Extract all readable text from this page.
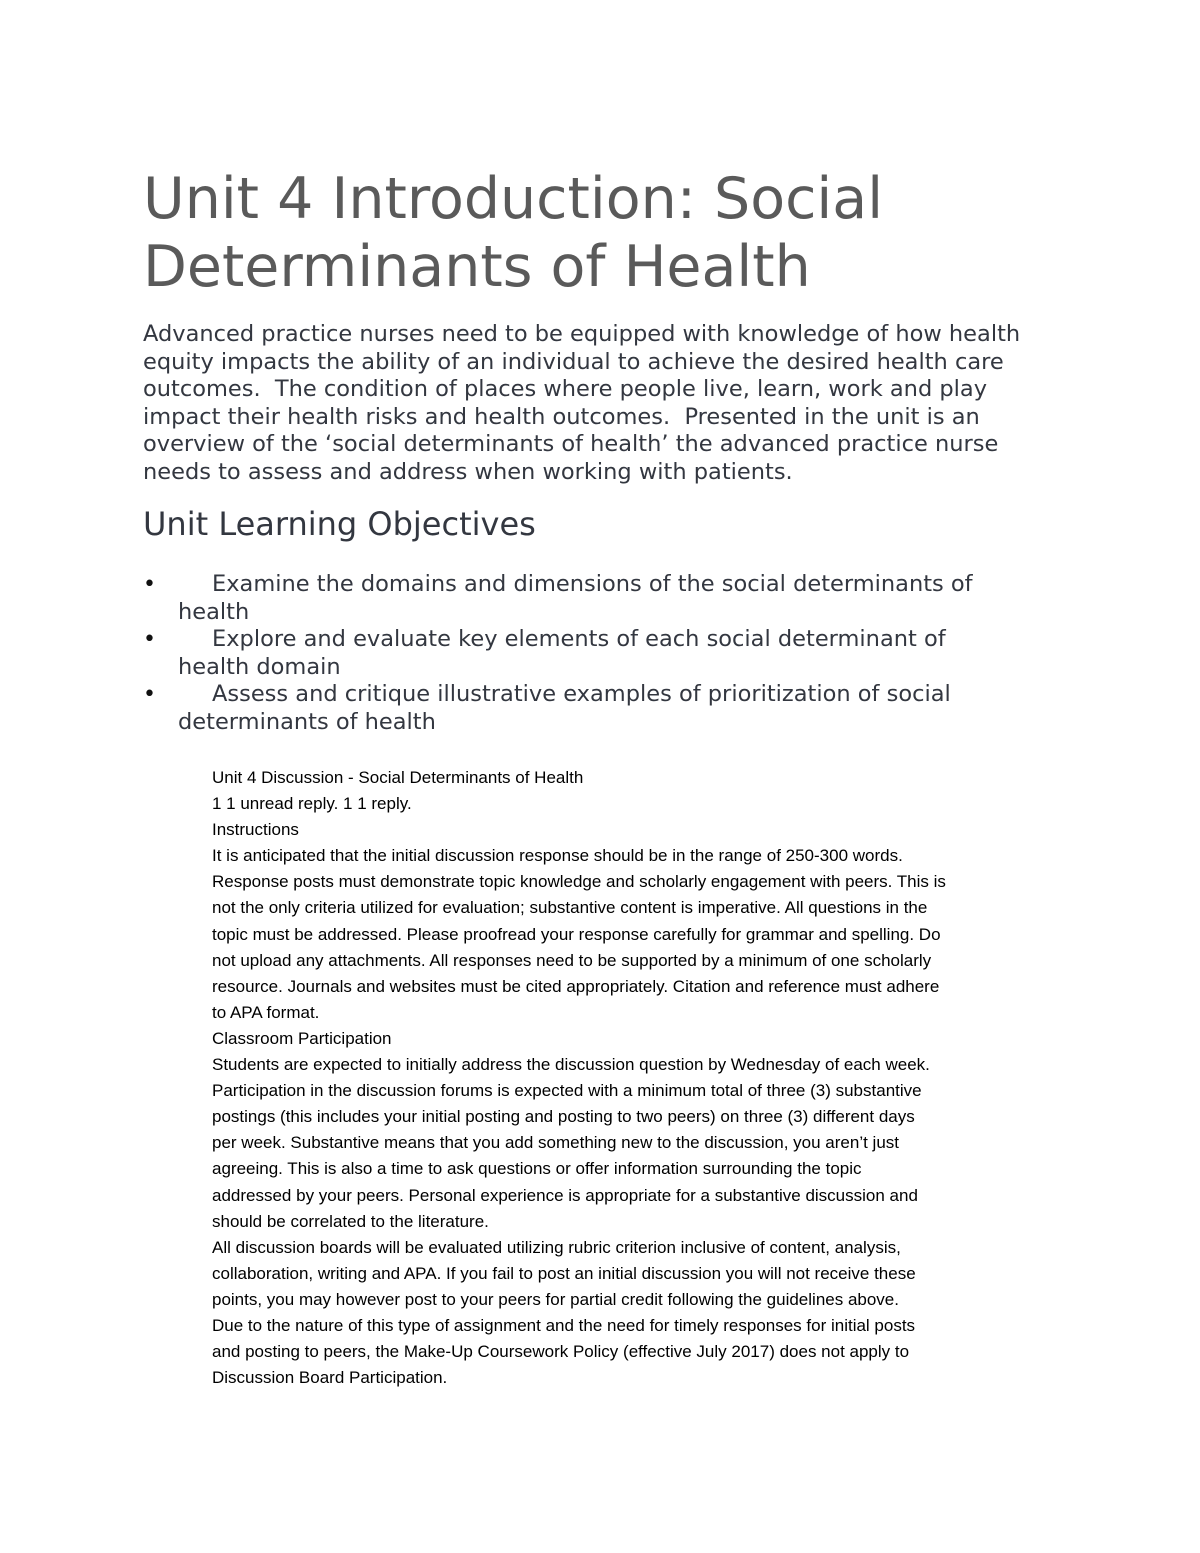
Unit 4 Introduction: Social
Determinants of Health
Advanced practice nurses need to be equipped with knowledge of how health
equity impacts the ability of an individual to achieve the desired health care
outcomes.  The condition of places where people live, learn, work and play
impact their health risks and health outcomes.  Presented in the unit is an
overview of the ‘social determinants of health’ the advanced practice nurse
needs to assess and address when working with patients.
Unit Learning Objectives
•	Examine the domains and dimensions of the social determinants of
health
•	Explore and evaluate key elements of each social determinant of
health domain
•	Assess and critique illustrative examples of prioritization of social
determinants of health
Unit 4 Discussion - Social Determinants of Health
1 1 unread reply. 1 1 reply.
Instructions
It is anticipated that the initial discussion response should be in the range of 250-300 words.
Response posts must demonstrate topic knowledge and scholarly engagement with peers. This is
not the only criteria utilized for evaluation; substantive content is imperative. All questions in the
topic must be addressed. Please proofread your response carefully for grammar and spelling. Do
not upload any attachments. All responses need to be supported by a minimum of one scholarly
resource. Journals and websites must be cited appropriately. Citation and reference must adhere
to APA format.
Classroom Participation
Students are expected to initially address the discussion question by Wednesday of each week.
Participation in the discussion forums is expected with a minimum total of three (3) substantive
postings (this includes your initial posting and posting to two peers) on three (3) different days
per week. Substantive means that you add something new to the discussion, you aren’t just
agreeing. This is also a time to ask questions or offer information surrounding the topic
addressed by your peers. Personal experience is appropriate for a substantive discussion and
should be correlated to the literature.
All discussion boards will be evaluated utilizing rubric criterion inclusive of content, analysis,
collaboration, writing and APA. If you fail to post an initial discussion you will not receive these
points, you may however post to your peers for partial credit following the guidelines above.
Due to the nature of this type of assignment and the need for timely responses for initial posts
and posting to peers, the Make-Up Coursework Policy (effective July 2017) does not apply to
Discussion Board Participation.
